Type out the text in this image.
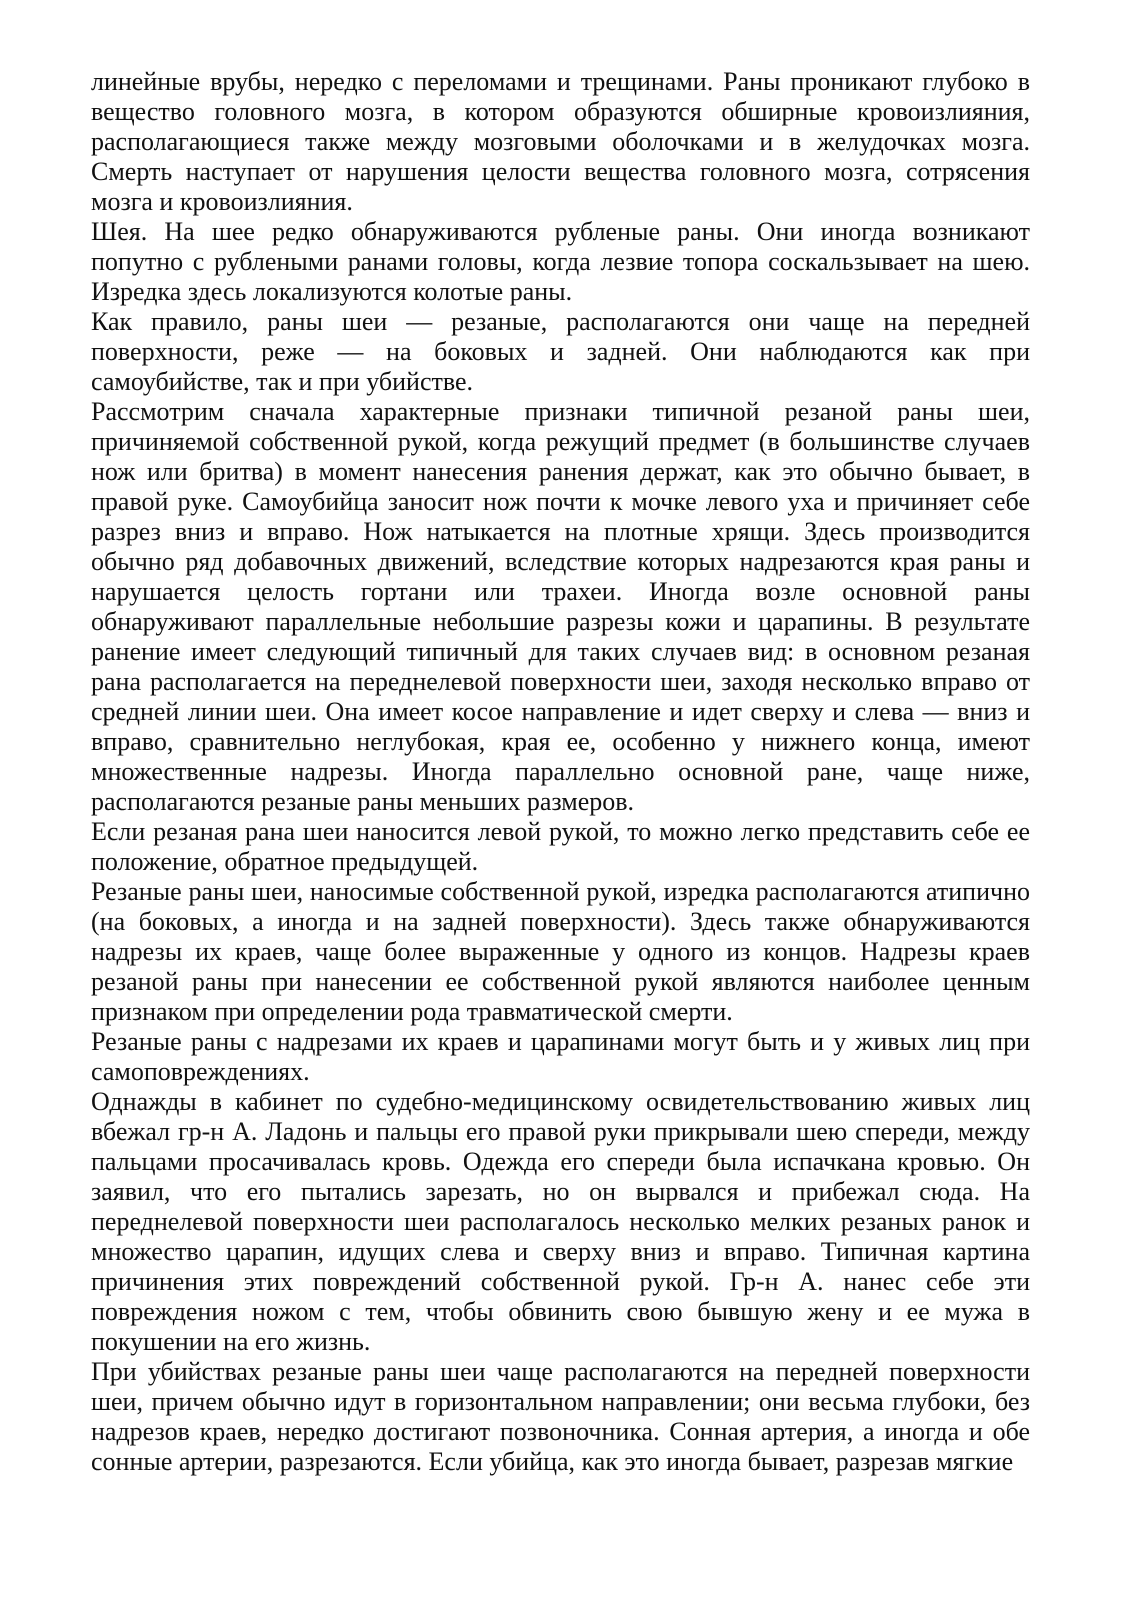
линейные врубы, нередко с переломами и трещинами. Раны проникают глубоко в вещество головного мозга, в котором образуются обширные кровоизлияния, располагающиеся также между мозговыми оболочками и в желудочках мозга. Смерть наступает от нарушения целости вещества головного мозга, сотрясения мозга и кровоизлияния.

Шея. На шее редко обнаруживаются рубленые раны. Они иногда возникают попутно с рублеными ранами головы, когда лезвие топора соскальзывает на шею. Изредка здесь локализуются колотые раны.

Как правило, раны шеи — резаные, располагаются они чаще на передней поверхности, реже — на боковых и задней. Они наблюдаются как при самоубийстве, так и при убийстве.

Рассмотрим сначала характерные признаки типичной резаной раны шеи, причиняемой собственной рукой, когда режущий предмет (в большинстве случаев нож или бритва) в момент нанесения ранения держат, как это обычно бывает, в правой руке. Самоубийца заносит нож почти к мочке левого уха и причиняет себе разрез вниз и вправо. Нож натыкается на плотные хрящи. Здесь производится обычно ряд добавочных движений, вследствие которых надрезаются края раны и нарушается целость гортани или трахеи. Иногда возле основной раны обнаруживают параллельные небольшие разрезы кожи и царапины. В результате ранение имеет следующий типичный для таких случаев вид: в основном резаная рана располагается на переднелевой поверхности шеи, заходя несколько вправо от средней линии шеи. Она имеет косое направление и идет сверху и слева — вниз и вправо, сравнительно неглубокая, края ее, особенно у нижнего конца, имеют множественные надрезы. Иногда параллельно основной ране, чаще ниже, располагаются резаные раны меньших размеров.

Если резаная рана шеи наносится левой рукой, то можно легко представить себе ее положение, обратное предыдущей.

Резаные раны шеи, наносимые собственной рукой, изредка располагаются атипично (на боковых, а иногда и на задней поверхности). Здесь также обнаруживаются надрезы их краев, чаще более выраженные у одного из концов. Надрезы краев резаной раны при нанесении ее собственной рукой являются наиболее ценным признаком при определении рода травматической смерти.

Резаные раны с надрезами их краев и царапинами могут быть и у живых лиц при самоповреждениях.

Однажды в кабинет по судебно-медицинскому освидетельствованию живых лиц вбежал гр-н А. Ладонь и пальцы его правой руки прикрывали шею спереди, между пальцами просачивалась кровь. Одежда его спереди была испачкана кровью. Он заявил, что его пытались зарезать, но он вырвался и прибежал сюда. На переднелевой поверхности шеи располагалось несколько мелких резаных ранок и множество царапин, идущих слева и сверху вниз и вправо. Типичная картина причинения этих повреждений собственной рукой. Гр-н А. нанес себе эти повреждения ножом с тем, чтобы обвинить свою бывшую жену и ее мужа в покушении на его жизнь.

При убийствах резаные раны шеи чаще располагаются на передней поверхности шеи, причем обычно идут в горизонтальном направлении; они весьма глубоки, без надрезов краев, нередко достигают позвоночника. Сонная артерия, а иногда и обе сонные артерии, разрезаются. Если убийца, как это иногда бывает, разрезав мягкие
